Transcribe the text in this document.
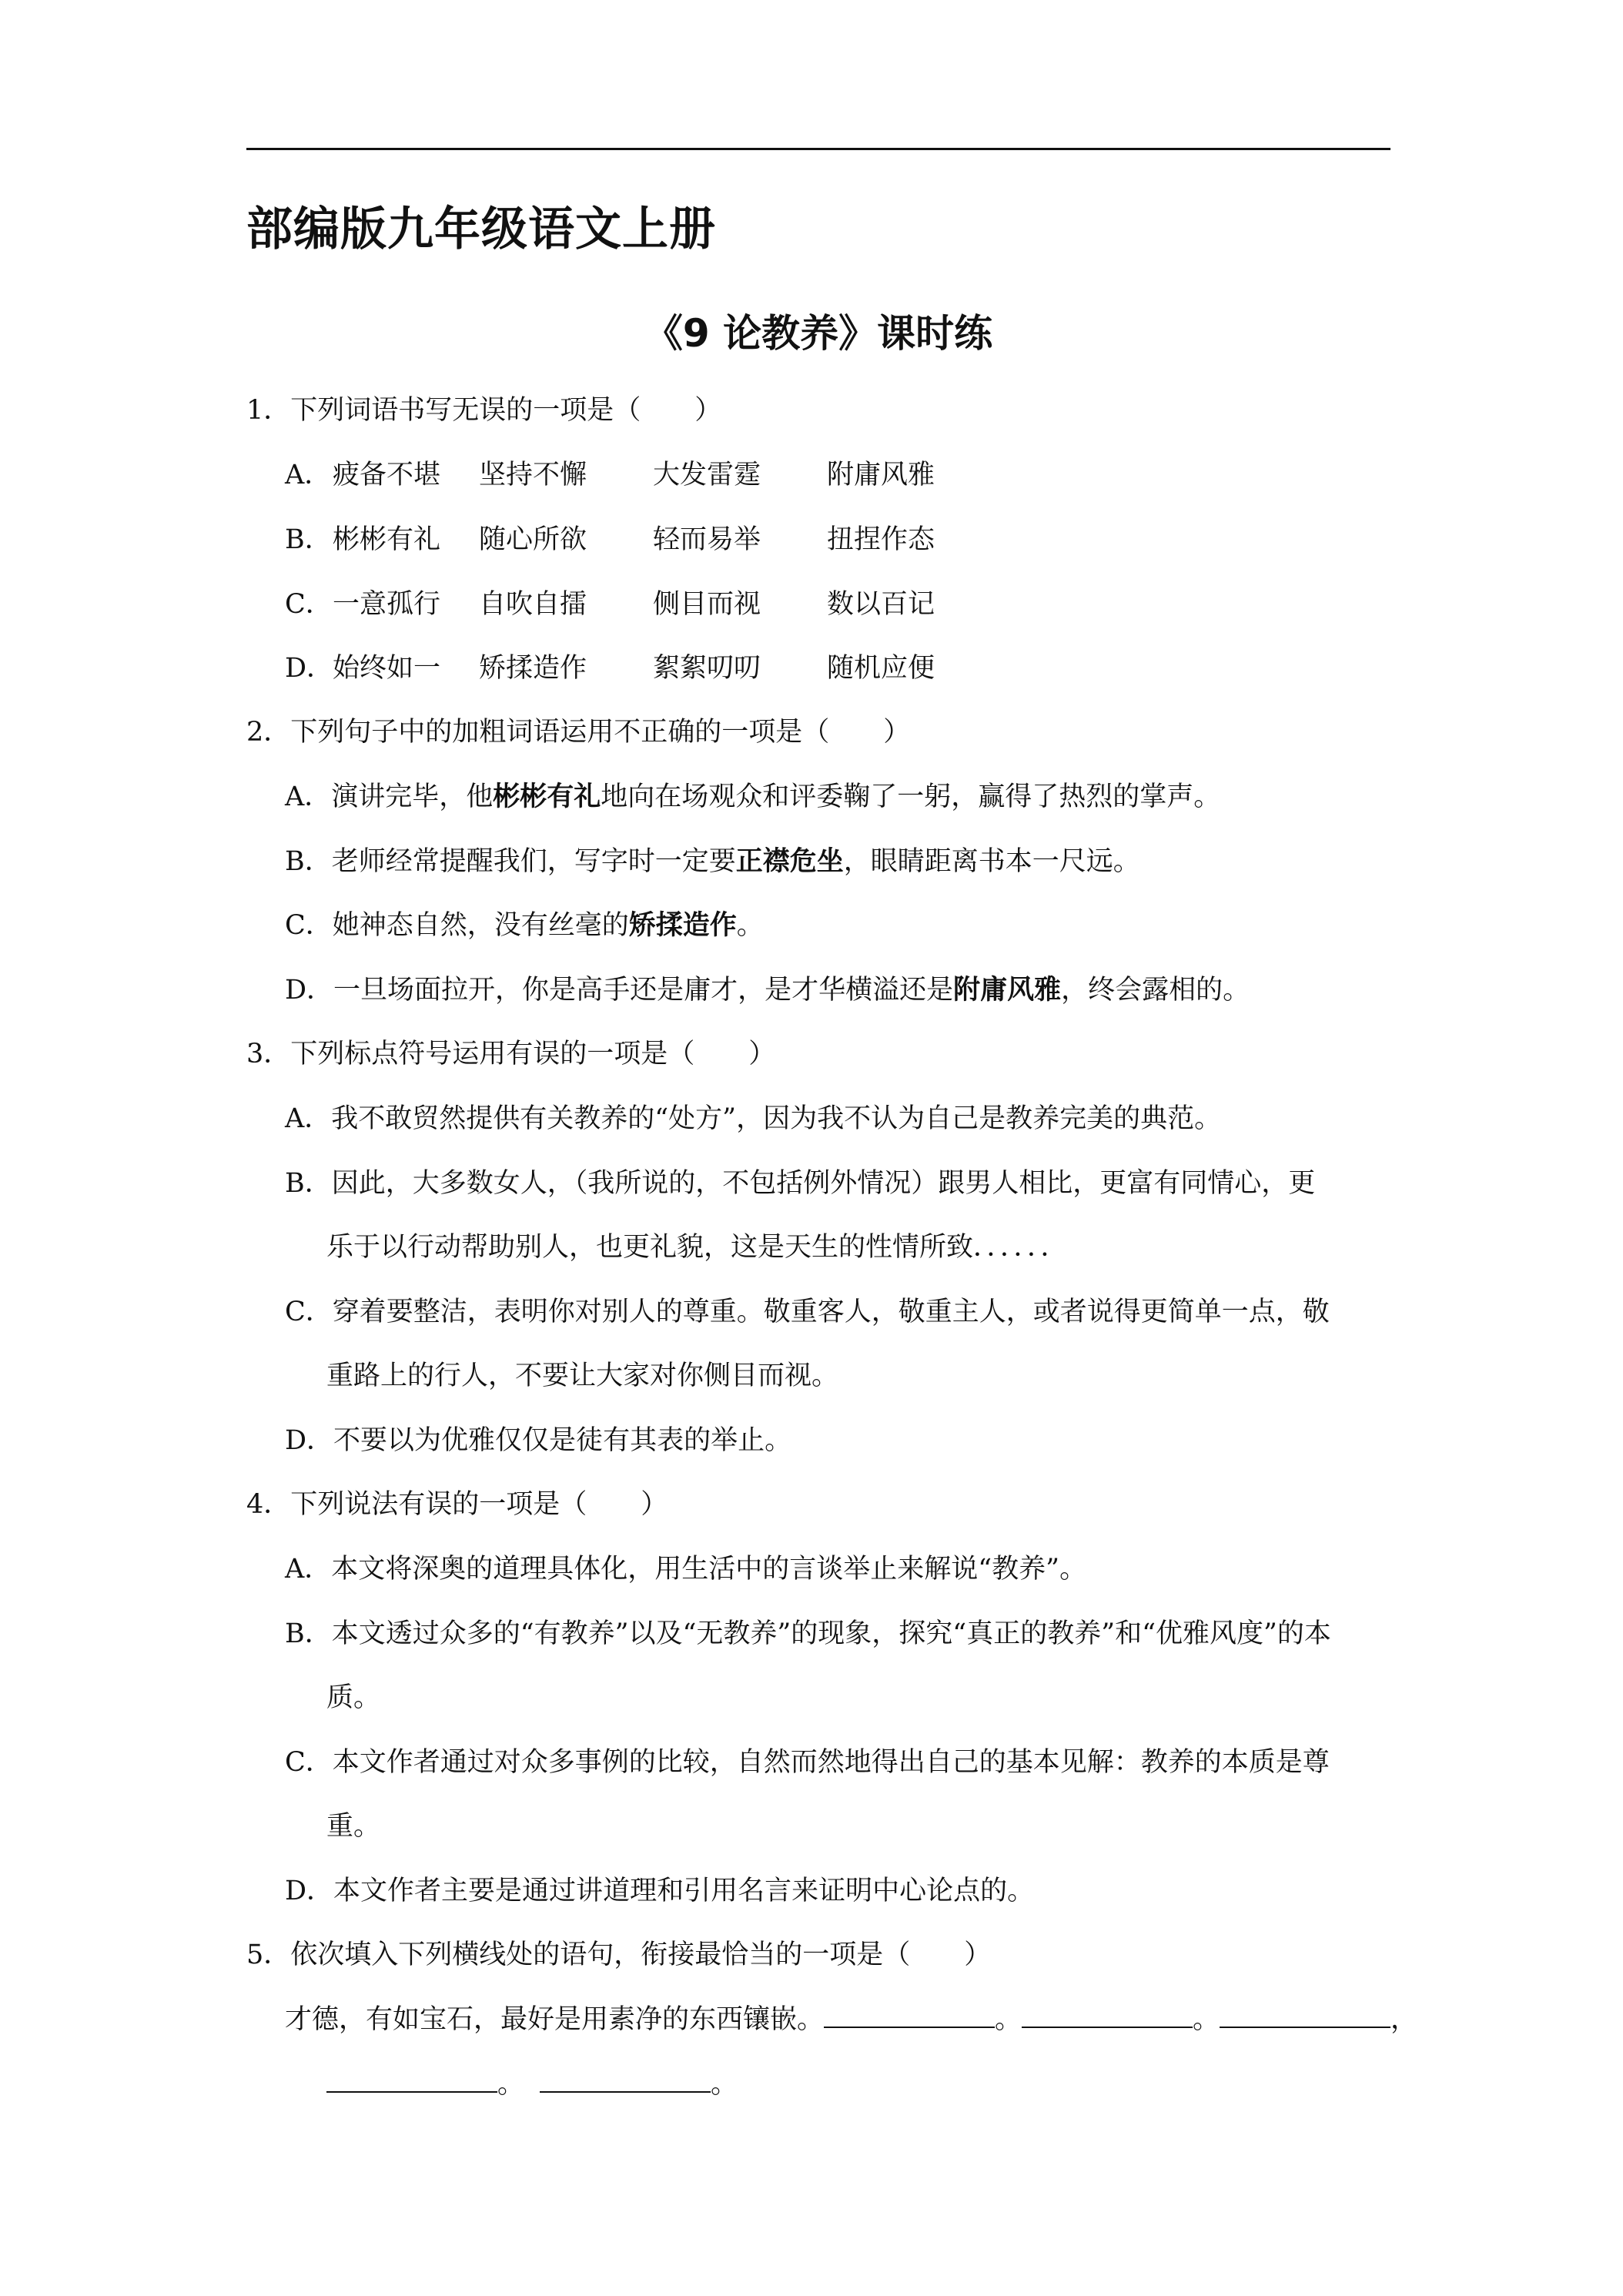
部编版九年级语文上册
《9 论教养》课时练
1．下列词语书写无误的一项是（　　）
A．疲备不堪 坚持不懈 大发雷霆 附庸风雅
B．彬彬有礼 随心所欲 轻而易举 扭捏作态
C．一意孤行 自吹自擂 侧目而视 数以百记
D．始终如一 矫揉造作 絮絮叨叨 随机应便
2．下列句子中的加粗词语运用不正确的一项是（　　）
A．演讲完毕，他彬彬有礼地向在场观众和评委鞠了一躬，赢得了热烈的掌声。
B．老师经常提醒我们，写字时一定要正襟危坐，眼睛距离书本一尺远。
C．她神态自然，没有丝毫的矫揉造作。
D．一旦场面拉开，你是高手还是庸才，是才华横溢还是附庸风雅，终会露相的。
3．下列标点符号运用有误的一项是（　　）
A．我不敢贸然提供有关教养的“处方”，因为我不认为自己是教养完美的典范。
B．因此，大多数女人，（我所说的，不包括例外情况）跟男人相比，更富有同情心，更
乐于以行动帮助别人，也更礼貌，这是天生的性情所致．．．．．．
C．穿着要整洁，表明你对别人的尊重。敬重客人，敬重主人，或者说得更简单一点，敬
重路上的行人，不要让大家对你侧目而视。
D．不要以为优雅仅仅是徒有其表的举止。
4．下列说法有误的一项是（　　）
A．本文将深奥的道理具体化，用生活中的言谈举止来解说“教养”。
B．本文透过众多的“有教养”以及“无教养”的现象，探究“真正的教养”和“优雅风度”的本
质。
C．本文作者通过对众多事例的比较，自然而然地得出自己的基本见解：教养的本质是尊
重。
D．本文作者主要是通过讲道理和引用名言来证明中心论点的。
5．依次填入下列横线处的语句，衔接最恰当的一项是（　　）
才德，有如宝石，最好是用素净的东西镶嵌。	。	。	，
。	。
